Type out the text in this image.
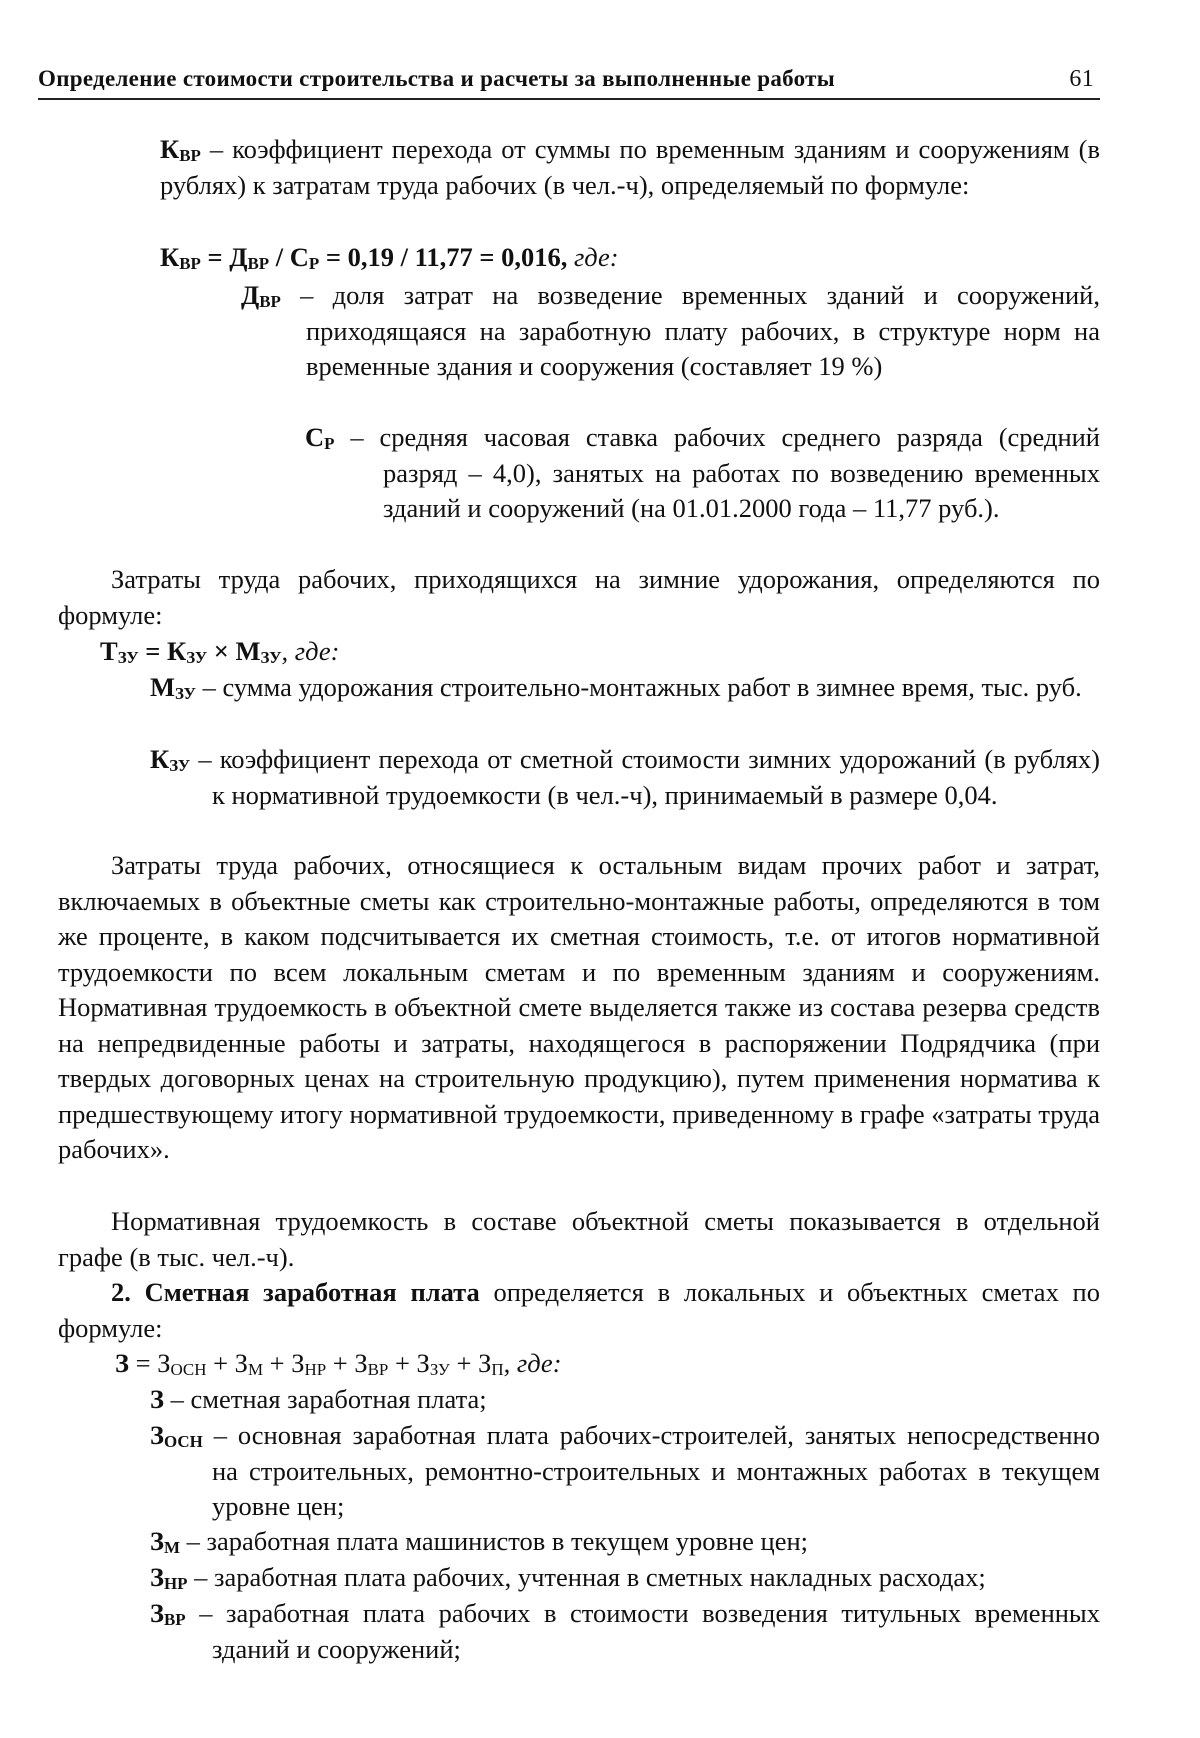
Определение стоимости строительства и расчеты за выполненные работы	61
$К_{ВР}$ – коэффициент перехода от суммы по временным зданиям и сооружениям (в рублях) к затратам труда рабочих (в чел.-ч), определяемый по формуле:
$К_{ВР} = Д_{ВР} / С_Р = 0,19 / 11,77 = 0,016$, где:
$Д_{ВР}$ – доля затрат на возведение временных зданий и сооружений, приходящаяся на заработную плату рабочих, в структуре норм на временные здания и сооружения (составляет 19 %)
$С_Р$ – средняя часовая ставка рабочих среднего разряда (средний разряд – 4,0), занятых на работах по возведению временных зданий и сооружений (на 01.01.2000 года – 11,77 руб.).
Затраты труда рабочих, приходящихся на зимние удорожания, определяются по формуле:
$Т_{ЗУ} = К_{ЗУ} \times М_{ЗУ}$, где:
$М_{ЗУ}$ – сумма удорожания строительно-монтажных работ в зимнее время, тыс. руб.
$К_{ЗУ}$ – коэффициент перехода от сметной стоимости зимних удорожаний (в рублях) к нормативной трудоемкости (в чел.-ч), принимаемый в размере 0,04.
Затраты труда рабочих, относящиеся к остальным видам прочих работ и затрат, включаемых в объектные сметы как строительно-монтажные работы, определяются в том же проценте, в каком подсчитывается их сметная стоимость, т.е. от итогов нормативной трудоемкости по всем локальным сметам и по временным зданиям и сооружениям. Нормативная трудоемкость в объектной смете выделяется также из состава резерва средств на непредвиденные работы и затраты, находящегося в распоряжении Подрядчика (при твердых договорных ценах на строительную продукцию), путем применения норматива к предшествующему итогу нормативной трудоемкости, приведенному в графе «затраты труда рабочих».
Нормативная трудоемкость в составе объектной сметы показывается в отдельной графе (в тыс. чел.-ч).
2. Сметная заработная плата определяется в локальных и объектных сметах по формуле:
$З = З_{ОСН} + З_М + З_{НР} + З_{ВР} + З_{ЗУ} + З_П$, где:
З – сметная заработная плата;
$З_{ОСН}$ – основная заработная плата рабочих-строителей, занятых непосредственно на строительных, ремонтно-строительных и монтажных работах в текущем уровне цен;
$З_М$ – заработная плата машинистов в текущем уровне цен;
$З_{НР}$ – заработная плата рабочих, учтенная в сметных накладных расходах;
$З_{ВР}$ – заработная плата рабочих в стоимости возведения титульных временных зданий и сооружений;
